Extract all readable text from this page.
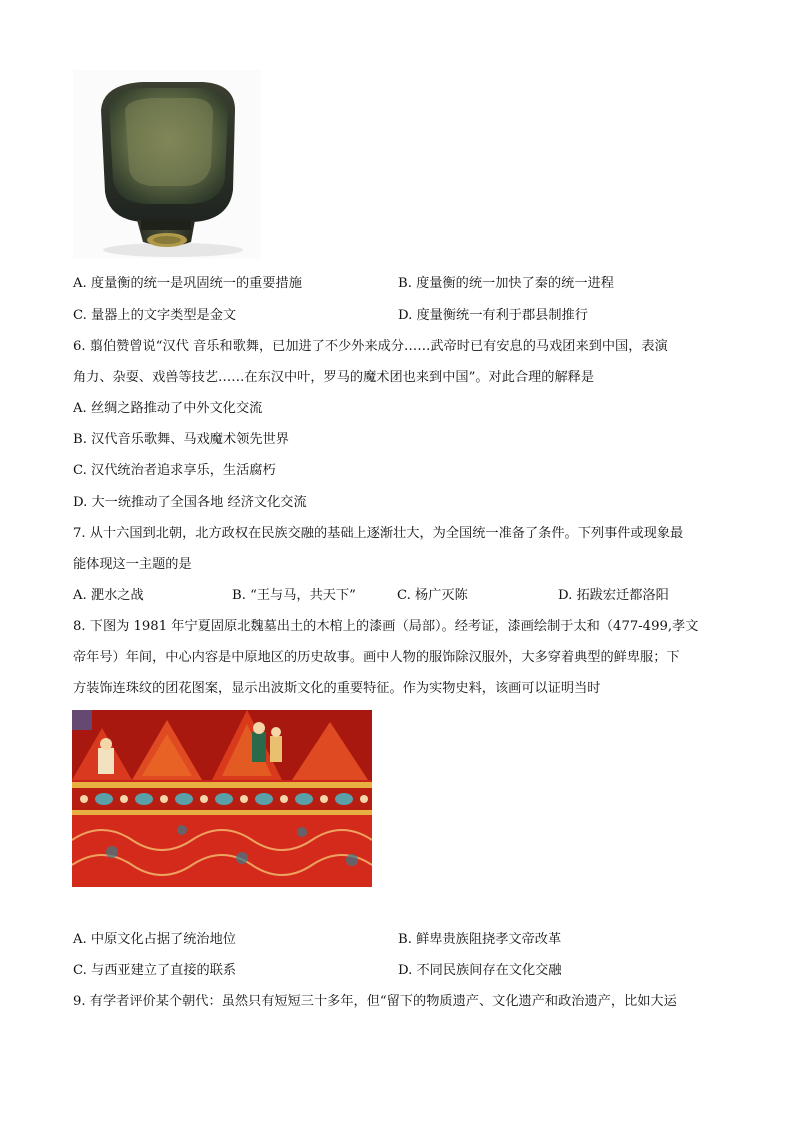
A. 度量衡的统一是巩固统一的重要措施	B. 度量衡的统一加快了秦的统一进程
C. 量器上的文字类型是金文	D. 度量衡统一有利于郡县制推行
6. 翦伯赞曾说“汉代 音乐和歌舞，已加进了不少外来成分……武帝时已有安息的马戏团来到中国，表演
角力、杂耍、戏兽等技艺……在东汉中叶，罗马的魔术团也来到中国”。对此合理的解释是
A. 丝绸之路推动了中外文化交流
B. 汉代音乐歌舞、马戏魔术领先世界
C. 汉代统治者追求享乐，生活腐朽
D. 大一统推动了全国各地 经济文化交流
7. 从十六国到北朝，北方政权在民族交融的基础上逐渐壮大，为全国统一准备了条件。下列事件或现象最
能体现这一主题的是
A. 淝水之战	B. “王与马，共天下”	C. 杨广灭陈	D. 拓跋宏迁都洛阳
8. 下图为 1981 年宁夏固原北魏墓出土的木棺上的漆画（局部）。经考证，漆画绘制于太和（477-499,孝文
帝年号）年间，中心内容是中原地区的历史故事。画中人物的服饰除汉服外，大多穿着典型的鲜卑服；下
方装饰连珠纹的团花图案，显示出波斯文化的重要特征。作为实物史料，该画可以证明当时
A. 中原文化占据了统治地位	B. 鲜卑贵族阻挠孝文帝改革
C. 与西亚建立了直接的联系	D. 不同民族间存在文化交融
9. 有学者评价某个朝代：虽然只有短短三十多年，但“留下的物质遗产、文化遗产和政治遗产，比如大运
